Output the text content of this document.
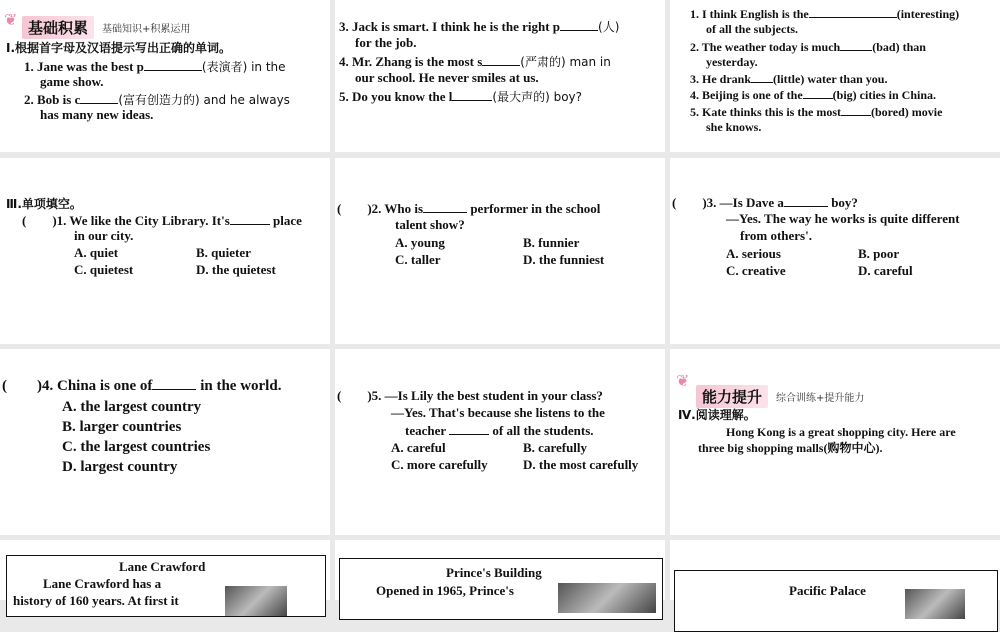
❦ 基础积累	基础知识+积累运用

Ⅰ.根据首字母及汉语提示写出正确的单词。

1. Jane was the best p	(表演者) in the

game show.

2. Bob is c	(富有创造力的) and he always

has many new ideas.

3. Jack is smart. I think he is the right p	(人)

for the job.

4. Mr. Zhang is the most s	(严肃的) man in

our school. He never smiles at us.

5. Do you know the l	(最大声的) boy?

1. I think English is the	(interesting)

of all the subjects.

2. The weather today is much	(bad) than

yesterday.

3. He drank (little) water than you.

4. Beijing is one of the	(big) cities in China.

5. Kate thinks this is the most	(bored) movie

she knows.

Ⅲ.单项填空。

(　　)1. We like the City Library. It's	place

in our city.

A. quiet	B. quieter
C. quietest	D. the quietest

(　　)2. Who is	performer in the school

talent show?

A. young	B. funnier
C. taller	D. the funniest

(　　)3. —Is Dave a	boy?

—Yes. The way he works is quite different

from others'.

A. serious	B. poor
C. creative	D. careful

(　　)4. China is one of	in the world.

A. the largest country
B. larger countries
C. the largest countries
D. largest country

(　　)5. —Is Lily the best student in your class?

—Yes. That's because she listens to the

teacher	of all the students.

A. careful	B. carefully
C. more carefully	D. the most carefully
❦
能力提升	综合训练+提升能力

Ⅳ.阅读理解。

Hong Kong is a great shopping city. Here are

three big shopping malls(购物中心).

Lane Crawford

Lane Crawford has a

history of 160 years. At first it

Prince's Building

Opened in 1965, Prince's	Pacific Palace
